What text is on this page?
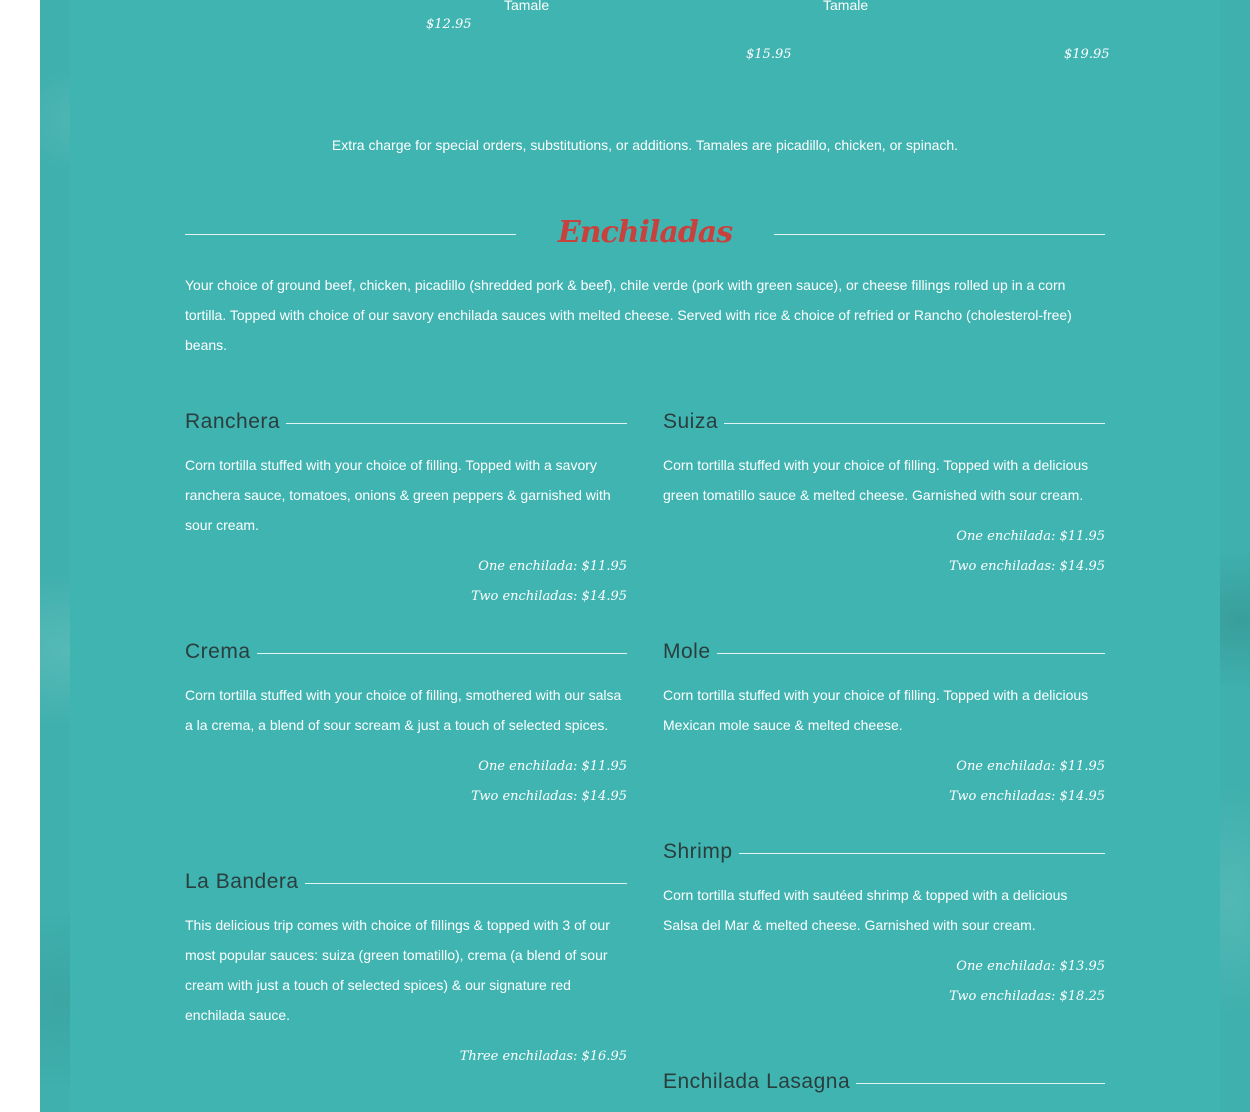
Tamale	Tamale
$12.95
$15.95	$19.95

Extra charge for special orders, substitutions, or additions. Tamales are picadillo, chicken, or spinach.

Enchiladas

Your choice of ground beef, chicken, picadillo (shredded pork & beef), chile verde (pork with green sauce), or cheese fillings rolled up in a corn tortilla. Topped with choice of our savory enchilada sauces with melted cheese. Served with rice & choice of refried or Rancho (cholesterol-free) beans.

Ranchera

Corn tortilla stuffed with your choice of filling. Topped with a savory ranchera sauce, tomatoes, onions & green peppers & garnished with sour cream.

One enchilada: $11.95
Two enchiladas: $14.95
Crema

Corn tortilla stuffed with your choice of filling, smothered with our salsa a la crema, a blend of sour scream & just a touch of selected spices.

One enchilada: $11.95
Two enchiladas: $14.95
La Bandera

This delicious trip comes with choice of fillings & topped with 3 of our most popular sauces: suiza (green tomatillo), crema (a blend of sour cream with just a touch of selected spices) & our signature red enchilada sauce.

Three enchiladas: $16.95
Suiza

Corn tortilla stuffed with your choice of filling. Topped with a delicious green tomatillo sauce & melted cheese. Garnished with sour cream.

One enchilada: $11.95
Two enchiladas: $14.95
Mole

Corn tortilla stuffed with your choice of filling. Topped with a delicious Mexican mole sauce & melted cheese.

One enchilada: $11.95
Two enchiladas: $14.95
Shrimp

Corn tortilla stuffed with sautéed shrimp & topped with a delicious Salsa del Mar & melted cheese. Garnished with sour cream.

One enchilada: $13.95
Two enchiladas: $18.25
Enchilada Lasagna
